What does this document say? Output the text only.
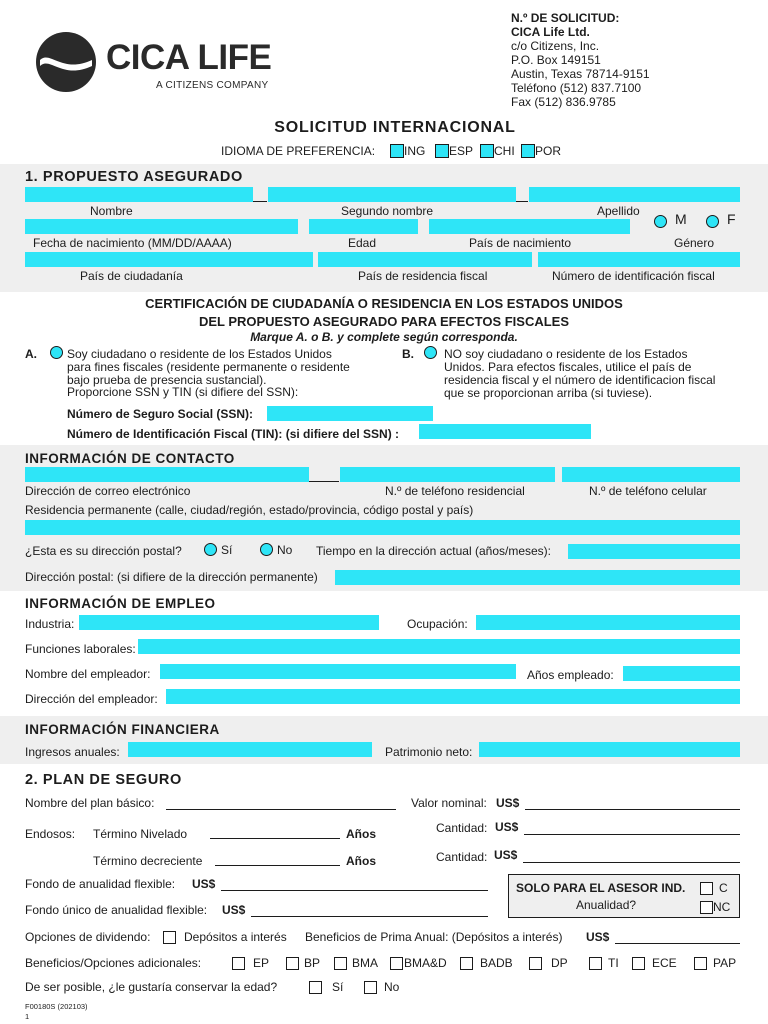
CICA LIFE
A CITIZENS COMPANY
N.º DE SOLICITUD:
CICA Life Ltd.
c/o Citizens, Inc.
P.O. Box 149151
Austin, Texas 78714-9151
Teléfono (512) 837.7100
Fax (512) 836.9785
SOLICITUD INTERNACIONAL
IDIOMA DE PREFERENCIA: ING ESP CHI POR
1. PROPUESTO ASEGURADO
Nombre	Segundo nombre	Apellido	M	F
Fecha de nacimiento (MM/DD/AAAA)	Edad	País de nacimiento	Género
País de ciudadanía	País de residencia fiscal	Número de identificación fiscal
CERTIFICACIÓN DE CIUDADANÍA O RESIDENCIA EN LOS ESTADOS UNIDOS
DEL PROPUESTO ASEGURADO PARA EFECTOS FISCALES
Marque A. o B. y complete según corresponda.
A.	Soy ciudadano o residente de los Estados Unidos
para fines fiscales (residente permanente o residente
bajo prueba de presencia sustancial).
Proporcione SSN y TIN (si difiere del SSN):
Número de Seguro Social (SSN):
Número de Identificación Fiscal (TIN): (si difiere del SSN) :
B.	NO soy ciudadano o residente de los Estados
Unidos. Para efectos fiscales, utilice el país de
residencia fiscal y el número de identificacion fiscal
que se proporcionan arriba (si tuviese).
INFORMACIÓN DE CONTACTO
Dirección de correo electrónico	N.º de teléfono residencial	N.º de teléfono celular
Residencia permanente (calle, ciudad/región, estado/provincia, código postal y país)
¿Esta es su dirección postal?	Sí	No Tiempo en la dirección actual (años/meses):
Dirección postal: (si difiere de la dirección permanente)
INFORMACIÓN DE EMPLEO
Industria:	Ocupación:
Funciones laborales:
Nombre del empleador:	Años empleado:
Dirección del empleador:
INFORMACIÓN FINANCIERA
Ingresos anuales:	Patrimonio neto:
2. PLAN DE SEGURO
Nombre del plan básico:	Valor nominal: US$
Endosos: Término Nivelado	Años	Cantidad: US$
Término decreciente	Años	Cantidad: US$
Fondo de anualidad flexible: US$
Fondo único de anualidad flexible: US$
SOLO PARA EL ASESOR IND.	C
Anualidad?	NC
Opciones de dividendo:	Depósitos a interés Beneficios de Prima Anual: (Depósitos a interés) US$
Beneficios/Opciones adicionales:	EP	BP	BMA BMA&D	BADB	DP	TI	ECE	PAP
De ser posible, ¿le gustaría conservar la edad?	Sí	No
F00180S (202103)
1
